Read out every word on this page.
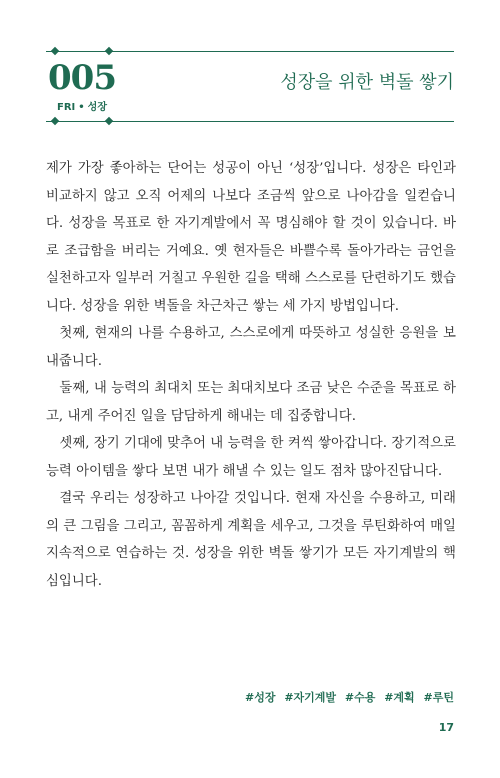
005
FRI • 성장
성장을 위한 벽돌 쌓기

제가 가장 좋아하는 단어는 성공이 아닌 ‘성장’입니다. 성장은 타인과 비교하지 않고 오직 어제의 나보다 조금씩 앞으로 나아감을 일컫습니다. 성장을 목표로 한 자기계발에서 꼭 명심해야 할 것이 있습니다. 바로 조급함을 버리는 거예요. 옛 현자들은 바쁠수록 돌아가라는 금언을 실천하고자 일부러 거칠고 우원한 길을 택해 스스로를 단련하기도 했습니다. 성장을 위한 벽돌을 차근차근 쌓는 세 가지 방법입니다.

첫째, 현재의 나를 수용하고, 스스로에게 따뜻하고 성실한 응원을 보내줍니다.

둘째, 내 능력의 최대치 또는 최대치보다 조금 낮은 수준을 목표로 하고, 내게 주어진 일을 담담하게 해내는 데 집중합니다.

셋째, 장기 기대에 맞추어 내 능력을 한 켜씩 쌓아갑니다. 장기적으로 능력 아이템을 쌓다 보면 내가 해낼 수 있는 일도 점차 많아진답니다.

결국 우리는 성장하고 나아갈 것입니다. 현재 자신을 수용하고, 미래의 큰 그림을 그리고, 꼼꼼하게 계획을 세우고, 그것을 루틴화하여 매일 지속적으로 연습하는 것. 성장을 위한 벽돌 쌓기가 모든 자기계발의 핵심입니다.

#성장 #자기계발 #수용 #계획 #루틴
17
